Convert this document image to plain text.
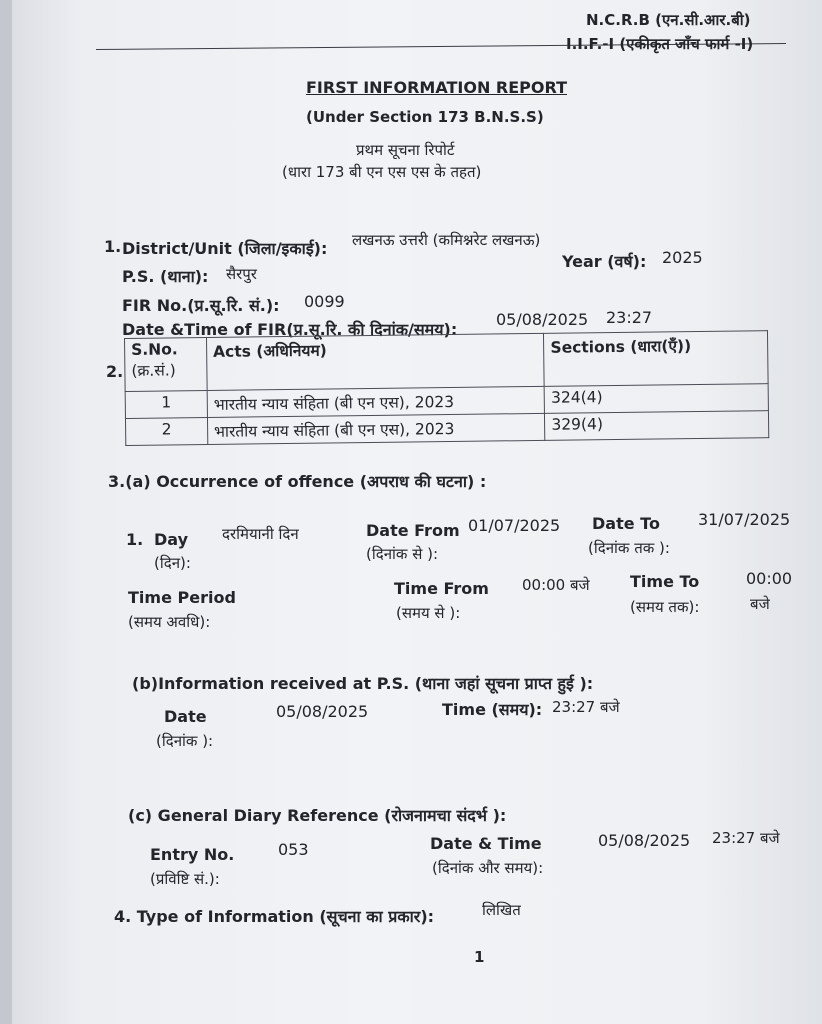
N.C.R.B (एन.सी.आर.बी)
I.I.F.-I (एकीकृत जाँच फार्म -I)
FIRST INFORMATION REPORT
(Under Section 173 B.N.S.S)
प्रथम सूचना रिपोर्ट
(धारा 173 बी एन एस एस के तहत)
1. District/Unit (जिला/इकाई): लखनऊ उत्तरी (कमिश्नरेट लखनऊ)
P.S. (थाना): सैरपुर
Year (वर्ष): 2025
FIR No.(प्र.सू.रि. सं.): 0099
Date &Time of FIR(प्र.सू.रि. की दिनांक/समय):
05/08/2025 23:27
2.
S.No.
(क्र.सं.)	Acts (अधिनियम)	Sections (धारा(एँ))
1	भारतीय न्याय संहिता (बी एन एस), 2023	324(4)
2	भारतीय न्याय संहिता (बी एन एस), 2023	329(4)
3.(a) Occurrence of offence (अपराध की घटना) :
1. Day
(दिन):
दरमियानी दिन	Date From
(दिनांक से ):
01/07/2025 Date To
(दिनांक तक ):
31/07/2025
Time Period
(समय अवधि):
Time From
(समय से ):
00:00 बजे	Time To
(समय तक):
00:00
बजे
(b)Information received at P.S. (थाना जहां सूचना प्राप्त हुई ):
Date
(दिनांक ):
05/08/2025	Time (समय): 23:27 बजे
(c) General Diary Reference (रोजनामचा संदर्भ ):
Entry No.
(प्रविष्टि सं.):
053	Date & Time
(दिनांक और समय):
05/08/2025 23:27 बजे
4. Type of Information (सूचना का प्रकार):	लिखित
1
